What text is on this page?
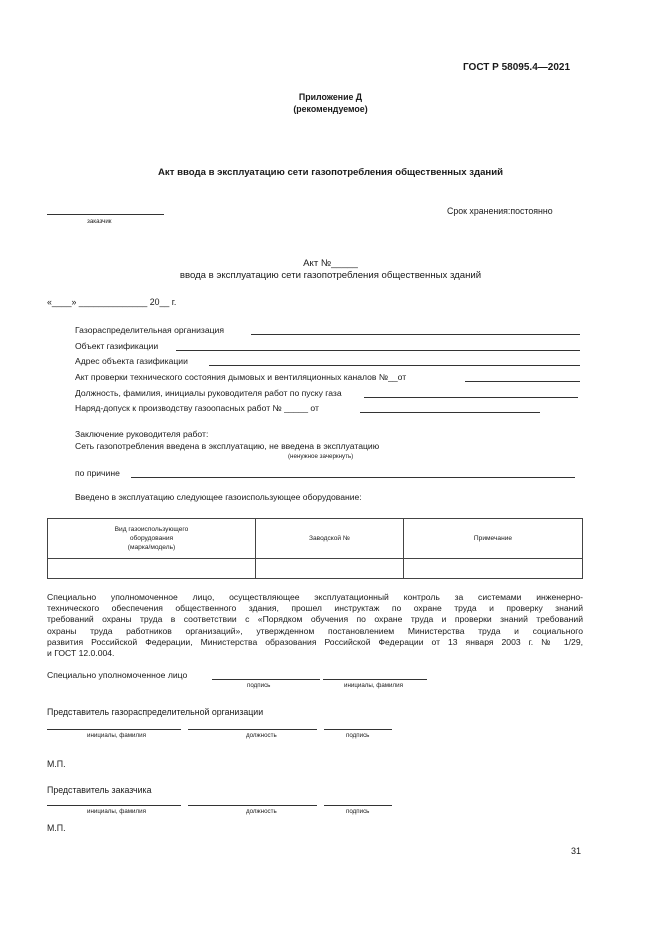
ГОСТ Р 58095.4—2021
Приложение Д
(рекомендуемое)
Акт ввода в эксплуатацию сети газопотребления общественных зданий
заказчик
Срок хранения:постоянно
Акт №_____
ввода в эксплуатацию сети газопотребления общественных зданий
«____» ______________ 20__ г.
Газораспределительная организация
Объект газификации
Адрес объекта газификации
Акт проверки технического состояния дымовых и вентиляционных каналов №__от
Должность, фамилия, инициалы руководителя работ по пуску газа
Наряд-допуск к производству газоопасных работ № _____ от
Заключение руководителя работ:
Сеть газопотребления введена в эксплуатацию, не введена в эксплуатацию
(ненужное зачеркнуть)
по причине
Введено в эксплуатацию следующее газоиспользующее оборудование:
Вид газоиспользующего
оборудования
(марка/модель)	Заводской №	Примечание

Специально уполномоченное лицо, осуществляющее эксплуатационный контроль за системами инженерно-
технического обеспечения общественного здания, прошел инструктаж по охране труда и проверку знаний
требований охраны труда в соответствии с «Порядком обучения по охране труда и проверки знаний требований
охраны труда работников организаций», утвержденном постановлением Министерства труда и социального
развития Российской Федерации, Министерства образования Российской Федерации от 13 января 2003 г. № 1/29,
и ГОСТ 12.0.004.
Специально уполномоченное лицо
подпись	инициалы, фамилия
Представитель газораспределительной организации
инициалы, фамилия	должность	подпись
М.П.
Представитель заказчика
инициалы, фамилия	должность	подпись
М.П.
31
